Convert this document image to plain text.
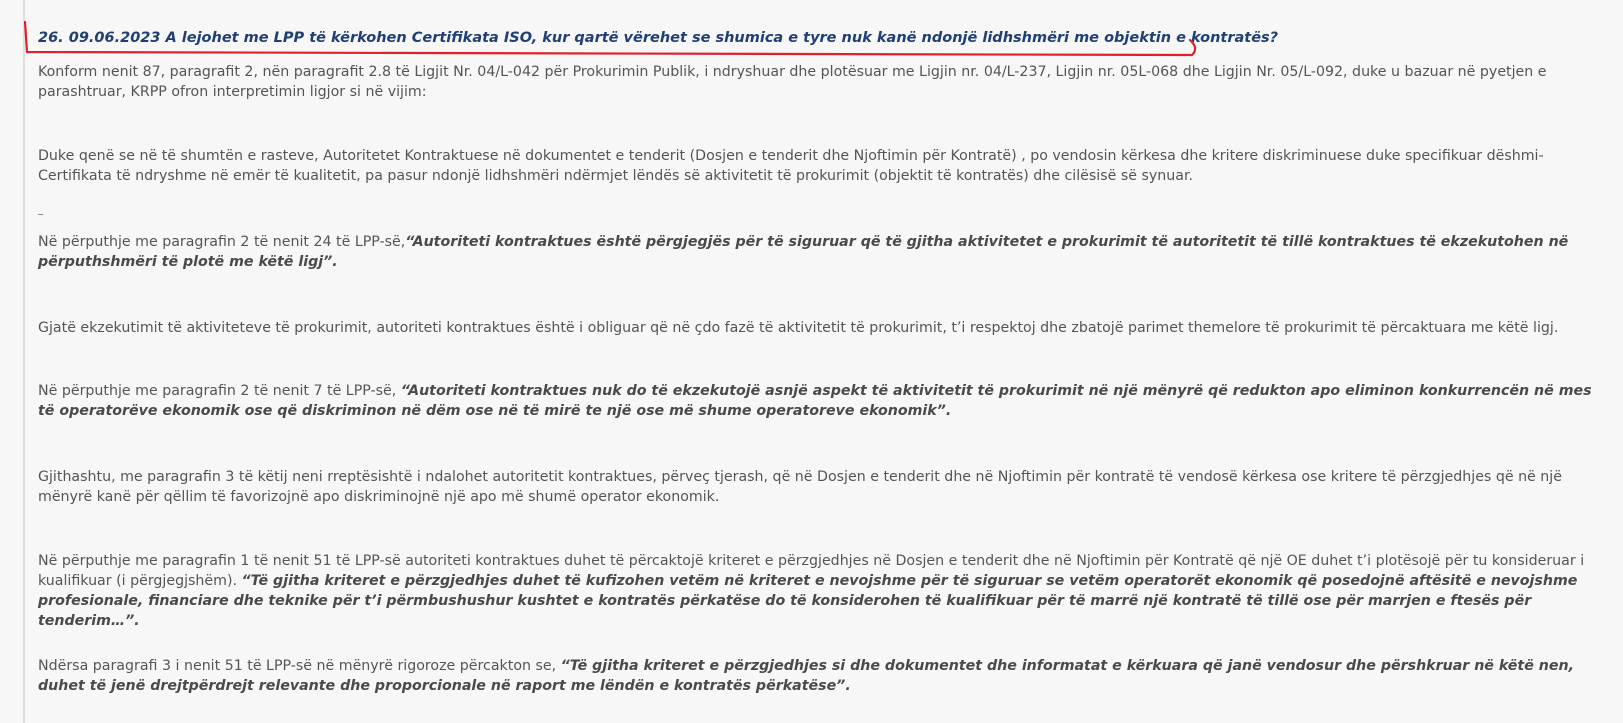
26. 09.06.2023 A lejohet me LPP të kërkohen Certifikata ISO, kur qartë vërehet se shumica e tyre nuk kanë ndonjë lidhshmëri me objektin e kontratës?

Konform nenit 87, paragrafit 2, nën paragrafit 2.8 të Ligjit Nr. 04/L-042 për Prokurimin Publik, i ndryshuar dhe plotësuar me Ligjin nr. 04/L-237, Ligjin nr. 05L-068 dhe Ligjin Nr. 05/L-092, duke u bazuar në pyetjen e parashtruar, KRPP ofron interpretimin ligjor si në vijim:

Duke qenë se në të shumtën e rasteve, Autoritetet Kontraktuese në dokumentet e tenderit (Dosjen e tenderit dhe Njoftimin për Kontratë) , po vendosin kërkesa dhe kritere diskriminuese duke specifikuar dëshmi-Certifikata të ndryshme në emër të kualitetit, pa pasur ndonjë lidhshmëri ndërmjet lëndës së aktivitetit të prokurimit (objektit të kontratës) dhe cilësisë së synuar.

Në përputhje me paragrafin 2 të nenit 24 të LPP-së,“Autoriteti kontraktues është përgjegjës për të siguruar që të gjitha aktivitetet e prokurimit të autoritetit të tillë kontraktues të ekzekutohen në përputhshmëri të plotë me këtë ligj”.

Gjatë ekzekutimit të aktiviteteve të prokurimit, autoriteti kontraktues është i obliguar që në çdo fazë të aktivitetit të prokurimit, t’i respektoj dhe zbatojë parimet themelore të prokurimit të përcaktuara me këtë ligj.

Në përputhje me paragrafin 2 të nenit 7 të LPP-së, “Autoriteti kontraktues nuk do të ekzekutojë asnjë aspekt të aktivitetit të prokurimit në një mënyrë që redukton apo eliminon konkurrencën në mes të operatorëve ekonomik ose që diskriminon në dëm ose në të mirë te një ose më shume operatoreve ekonomik”.

Gjithashtu, me paragrafin 3 të këtij neni rreptësishtë i ndalohet autoritetit kontraktues, përveç tjerash, që në Dosjen e tenderit dhe në Njoftimin për kontratë të vendosë kërkesa ose kritere të përzgjedhjes që në një mënyrë kanë për qëllim të favorizojnë apo diskriminojnë një apo më shumë operator ekonomik.

Në përputhje me paragrafin 1 të nenit 51 të LPP-së autoriteti kontraktues duhet të përcaktojë kriteret e përzgjedhjes në Dosjen e tenderit dhe në Njoftimin për Kontratë që një OE duhet t’i plotësojë për tu konsideruar i kualifikuar (i përgjegjshëm). “Të gjitha kriteret e përzgjedhjes duhet të kufizohen vetëm në kriteret e nevojshme për të siguruar se vetëm operatorët ekonomik që posedojnë aftësitë e nevojshme profesionale, financiare dhe teknike për t’i përmbushushur kushtet e kontratës përkatëse do të konsiderohen të kualifikuar për të marrë një kontratë të tillë ose për marrjen e ftesës për tenderim…”.

Ndërsa paragrafi 3 i nenit 51 të LPP-së në mënyrë rigoroze përcakton se, “Të gjitha kriteret e përzgjedhjes si dhe dokumentet dhe informatat e kërkuara që janë vendosur dhe përshkruar në këtë nen, duhet të jenë drejtpërdrejt relevante dhe proporcionale në raport me lëndën e kontratës përkatëse”.
